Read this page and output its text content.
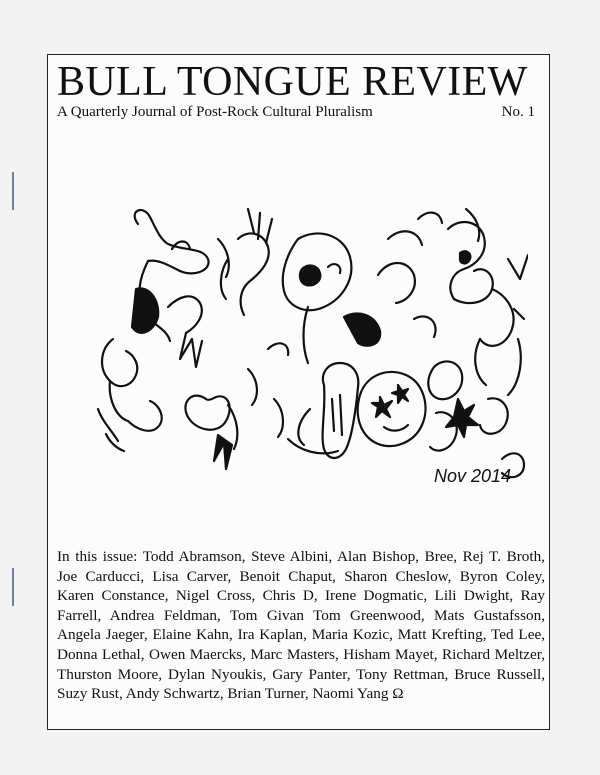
BULL TONGUE REVIEW
A Quarterly Journal of Post-Rock Cultural Pluralism	No. 1
Nov 2014
In this issue: Todd Abramson, Steve Albini, Alan Bishop, Bree, Rej T. Broth, Joe Carducci, Lisa Carver, Benoit Chaput, Sharon Cheslow, Byron Coley, Karen Constance, Nigel Cross, Chris D, Irene Dogmatic, Lili Dwight, Ray Farrell, Andrea Feldman, Tom Givan Tom Greenwood, Mats Gustafsson, Angela Jaeger, Elaine Kahn, Ira Kaplan, Maria Kozic, Matt Krefting, Ted Lee, Donna Lethal, Owen Maercks, Marc Masters, Hisham Mayet, Richard Meltzer, Thurston Moore, Dylan Nyoukis, Gary Panter, Tony Rettman, Bruce Russell, Suzy Rust, Andy Schwartz, Brian Turner, Naomi Yang Ω
